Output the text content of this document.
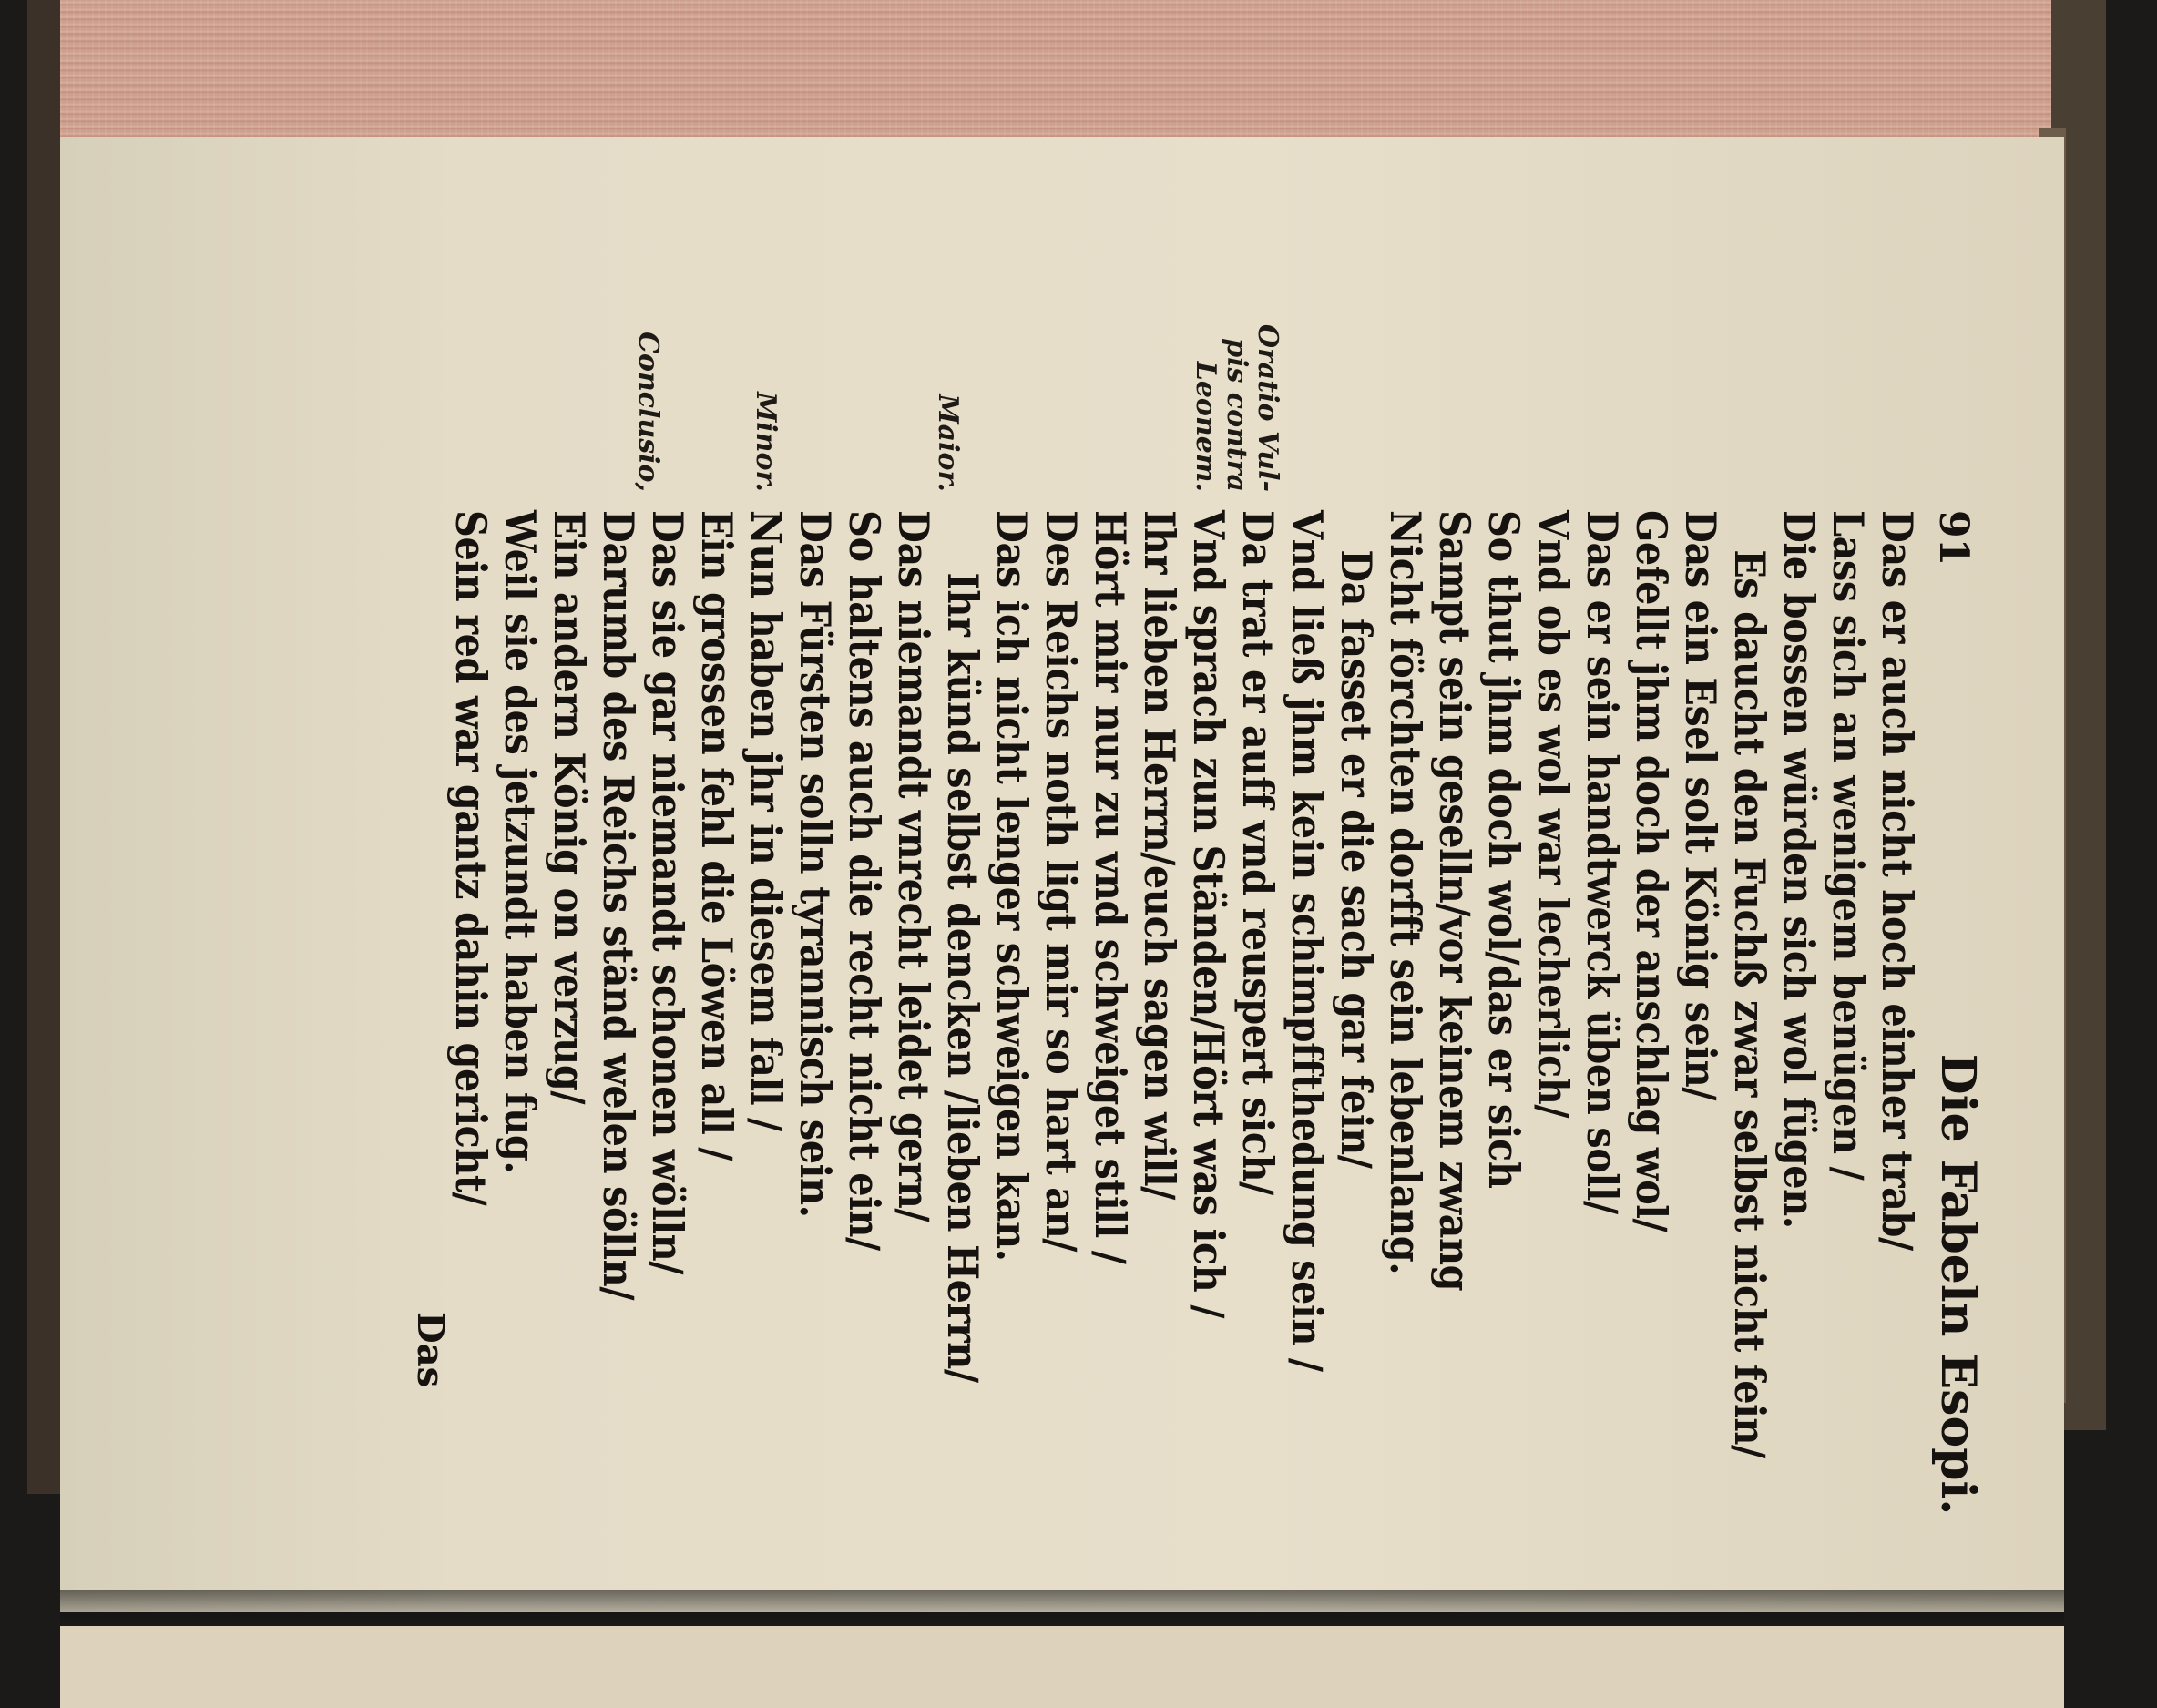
91
Die Fabeln Esopi.
Oratio Vul-
pis contra
Leonem.
Maior.
Minor.
Conclusio,
Das er auch nicht hoch einher trab/
Lass sich an wenigem benügen /
Die bossen würden sich wol fügen.
Es daucht den Fuchß zwar selbst nicht fein/
Das ein Esel solt König sein/
Gefellt jhm doch der anschlag wol/
Das er sein handtwerck üben soll/
Vnd ob es wol war lecherlich/
So thut jhm doch wol/das er sich
Sampt sein geselln/vor keinem zwang
Nicht förchten dorfft sein lebenlang.
Da fasset er die sach gar fein/
Vnd ließ jhm kein schimpffthedung sein /
Da trat er auff vnd reuspert sich/
Vnd sprach zun Ständen/Hört was ich /
Ihr lieben Herrn/euch sagen will/
Hört mir nur zu vnd schweiget still /
Des Reichs noth ligt mir so hart an/
Das ich nicht lenger schweigen kan.
Ihr künd selbst dencken /lieben Herrn/
Das niemandt vnrecht leidet gern/
So haltens auch die recht nicht ein/
Das Fürsten solln tyrannisch sein.
Nun haben jhr in diesem fall /
Ein grossen fehl die Löwen all /
Das sie gar niemandt schonen wölln/
Darumb des Reichs ständ welen sölln/
Ein andern König on verzug/
Weil sie des jetzundt haben fug.
Sein red war gantz dahin gericht/
Das
